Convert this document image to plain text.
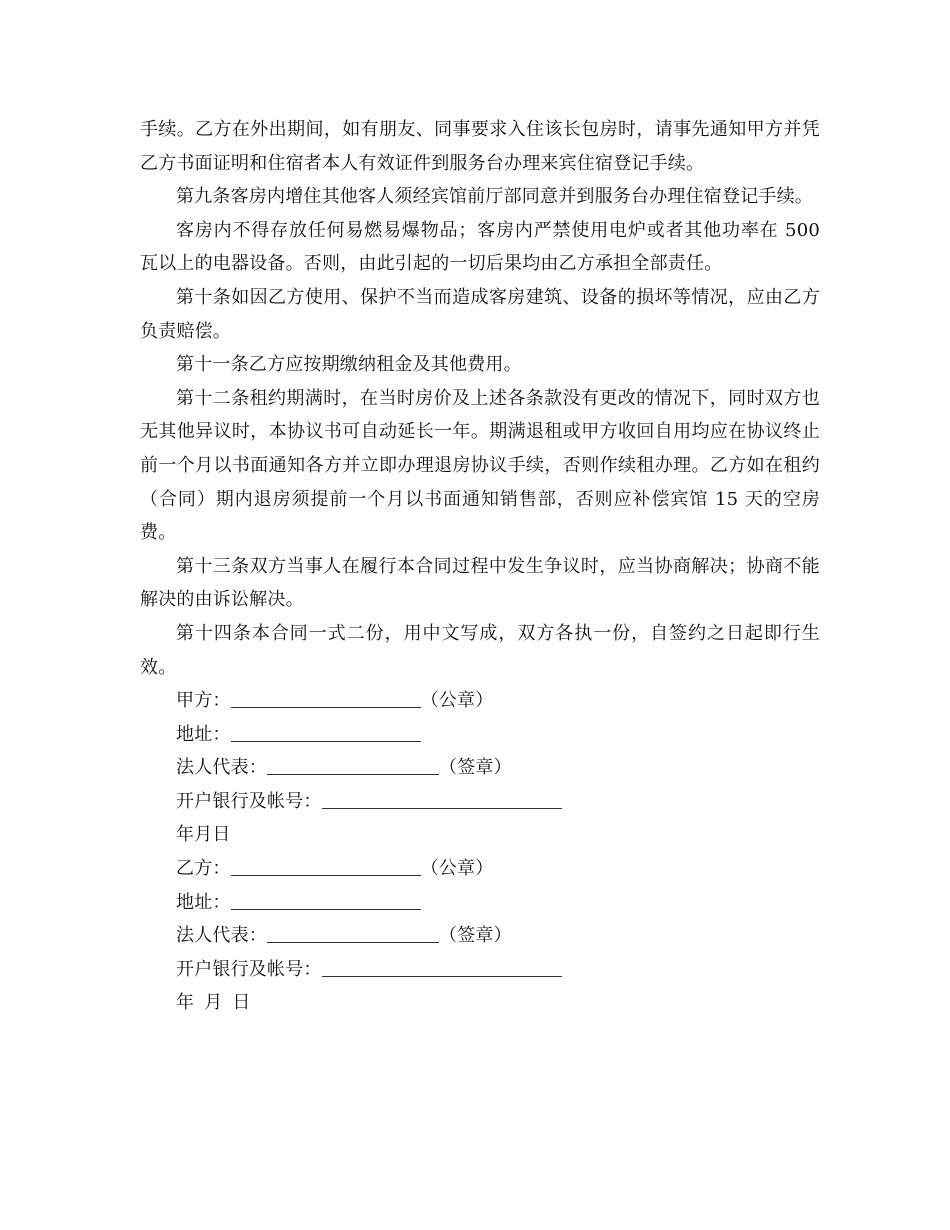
手续。乙方在外出期间，如有朋友、同事要求入住该长包房时，请事先通知甲方并凭乙方书面证明和住宿者本人有效证件到服务台办理来宾住宿登记手续。

第九条客房内增住其他客人须经宾馆前厅部同意并到服务台办理住宿登记手续。

客房内不得存放任何易燃易爆物品；客房内严禁使用电炉或者其他功率在 500 瓦以上的电器设备。否则，由此引起的一切后果均由乙方承担全部责任。

第十条如因乙方使用、保护不当而造成客房建筑、设备的损坏等情况，应由乙方负责赔偿。

第十一条乙方应按期缴纳租金及其他费用。

第十二条租约期满时，在当时房价及上述各条款没有更改的情况下，同时双方也无其他异议时，本协议书可自动延长一年。期满退租或甲方收回自用均应在协议终止前一个月以书面通知各方并立即办理退房协议手续，否则作续租办理。乙方如在租约（合同）期内退房须提前一个月以书面通知销售部，否则应补偿宾馆 15 天的空房费。

第十三条双方当事人在履行本合同过程中发生争议时，应当协商解决；协商不能解决的由诉讼解决。

第十四条本合同一式二份，用中文写成，双方各执一份，自签约之日起即行生效。

甲方：	（公章）

地址：

法人代表：	（签章）

开户银行及帐号：

年月日

乙方：	（公章）

地址：

法人代表：	（签章）

开户银行及帐号：

年 月 日
